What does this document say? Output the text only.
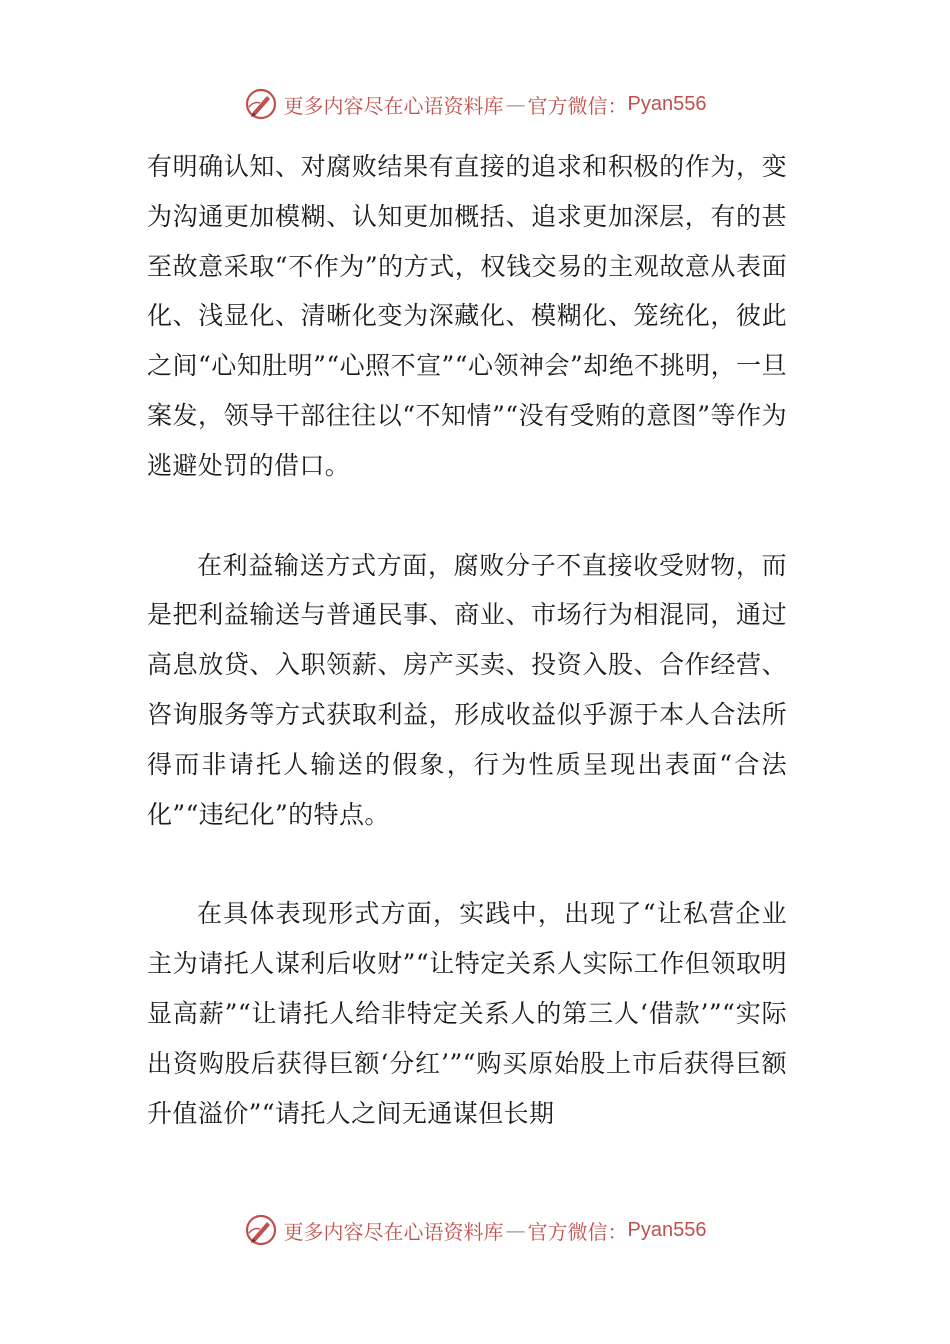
更多内容尽在心语资料库 — 官方微信： Pyan556

有明确认知、对腐败结果有直接的追求和积极的作为，变为沟通更加模糊、认知更加概括、追求更加深层，有的甚至故意采取“不作为”的方式，权钱交易的主观故意从表面化、浅显化、清晰化变为深藏化、模糊化、笼统化，彼此之间“心知肚明”“心照不宣”“心领神会”却绝不挑明，一旦案发，领导干部往往以“不知情”“没有受贿的意图”等作为逃避处罚的借口。

在利益输送方式方面，腐败分子不直接收受财物，而是把利益输送与普通民事、商业、市场行为相混同，通过高息放贷、入职领薪、房产买卖、投资入股、合作经营、咨询服务等方式获取利益，形成收益似乎源于本人合法所得而非请托人输送的假象，行为性质呈现出表面“合法化”“违纪化”的特点。

在具体表现形式方面，实践中，出现了“让私营企业主为请托人谋利后收财”“让特定关系人实际工作但领取明显高薪”“让请托人给非特定关系人的第三人‘借款’”“实际出资购股后获得巨额‘分红’”“购买原始股上市后获得巨额升值溢价”“请托人之间无通谋但长期

更多内容尽在心语资料库 — 官方微信： Pyan556
